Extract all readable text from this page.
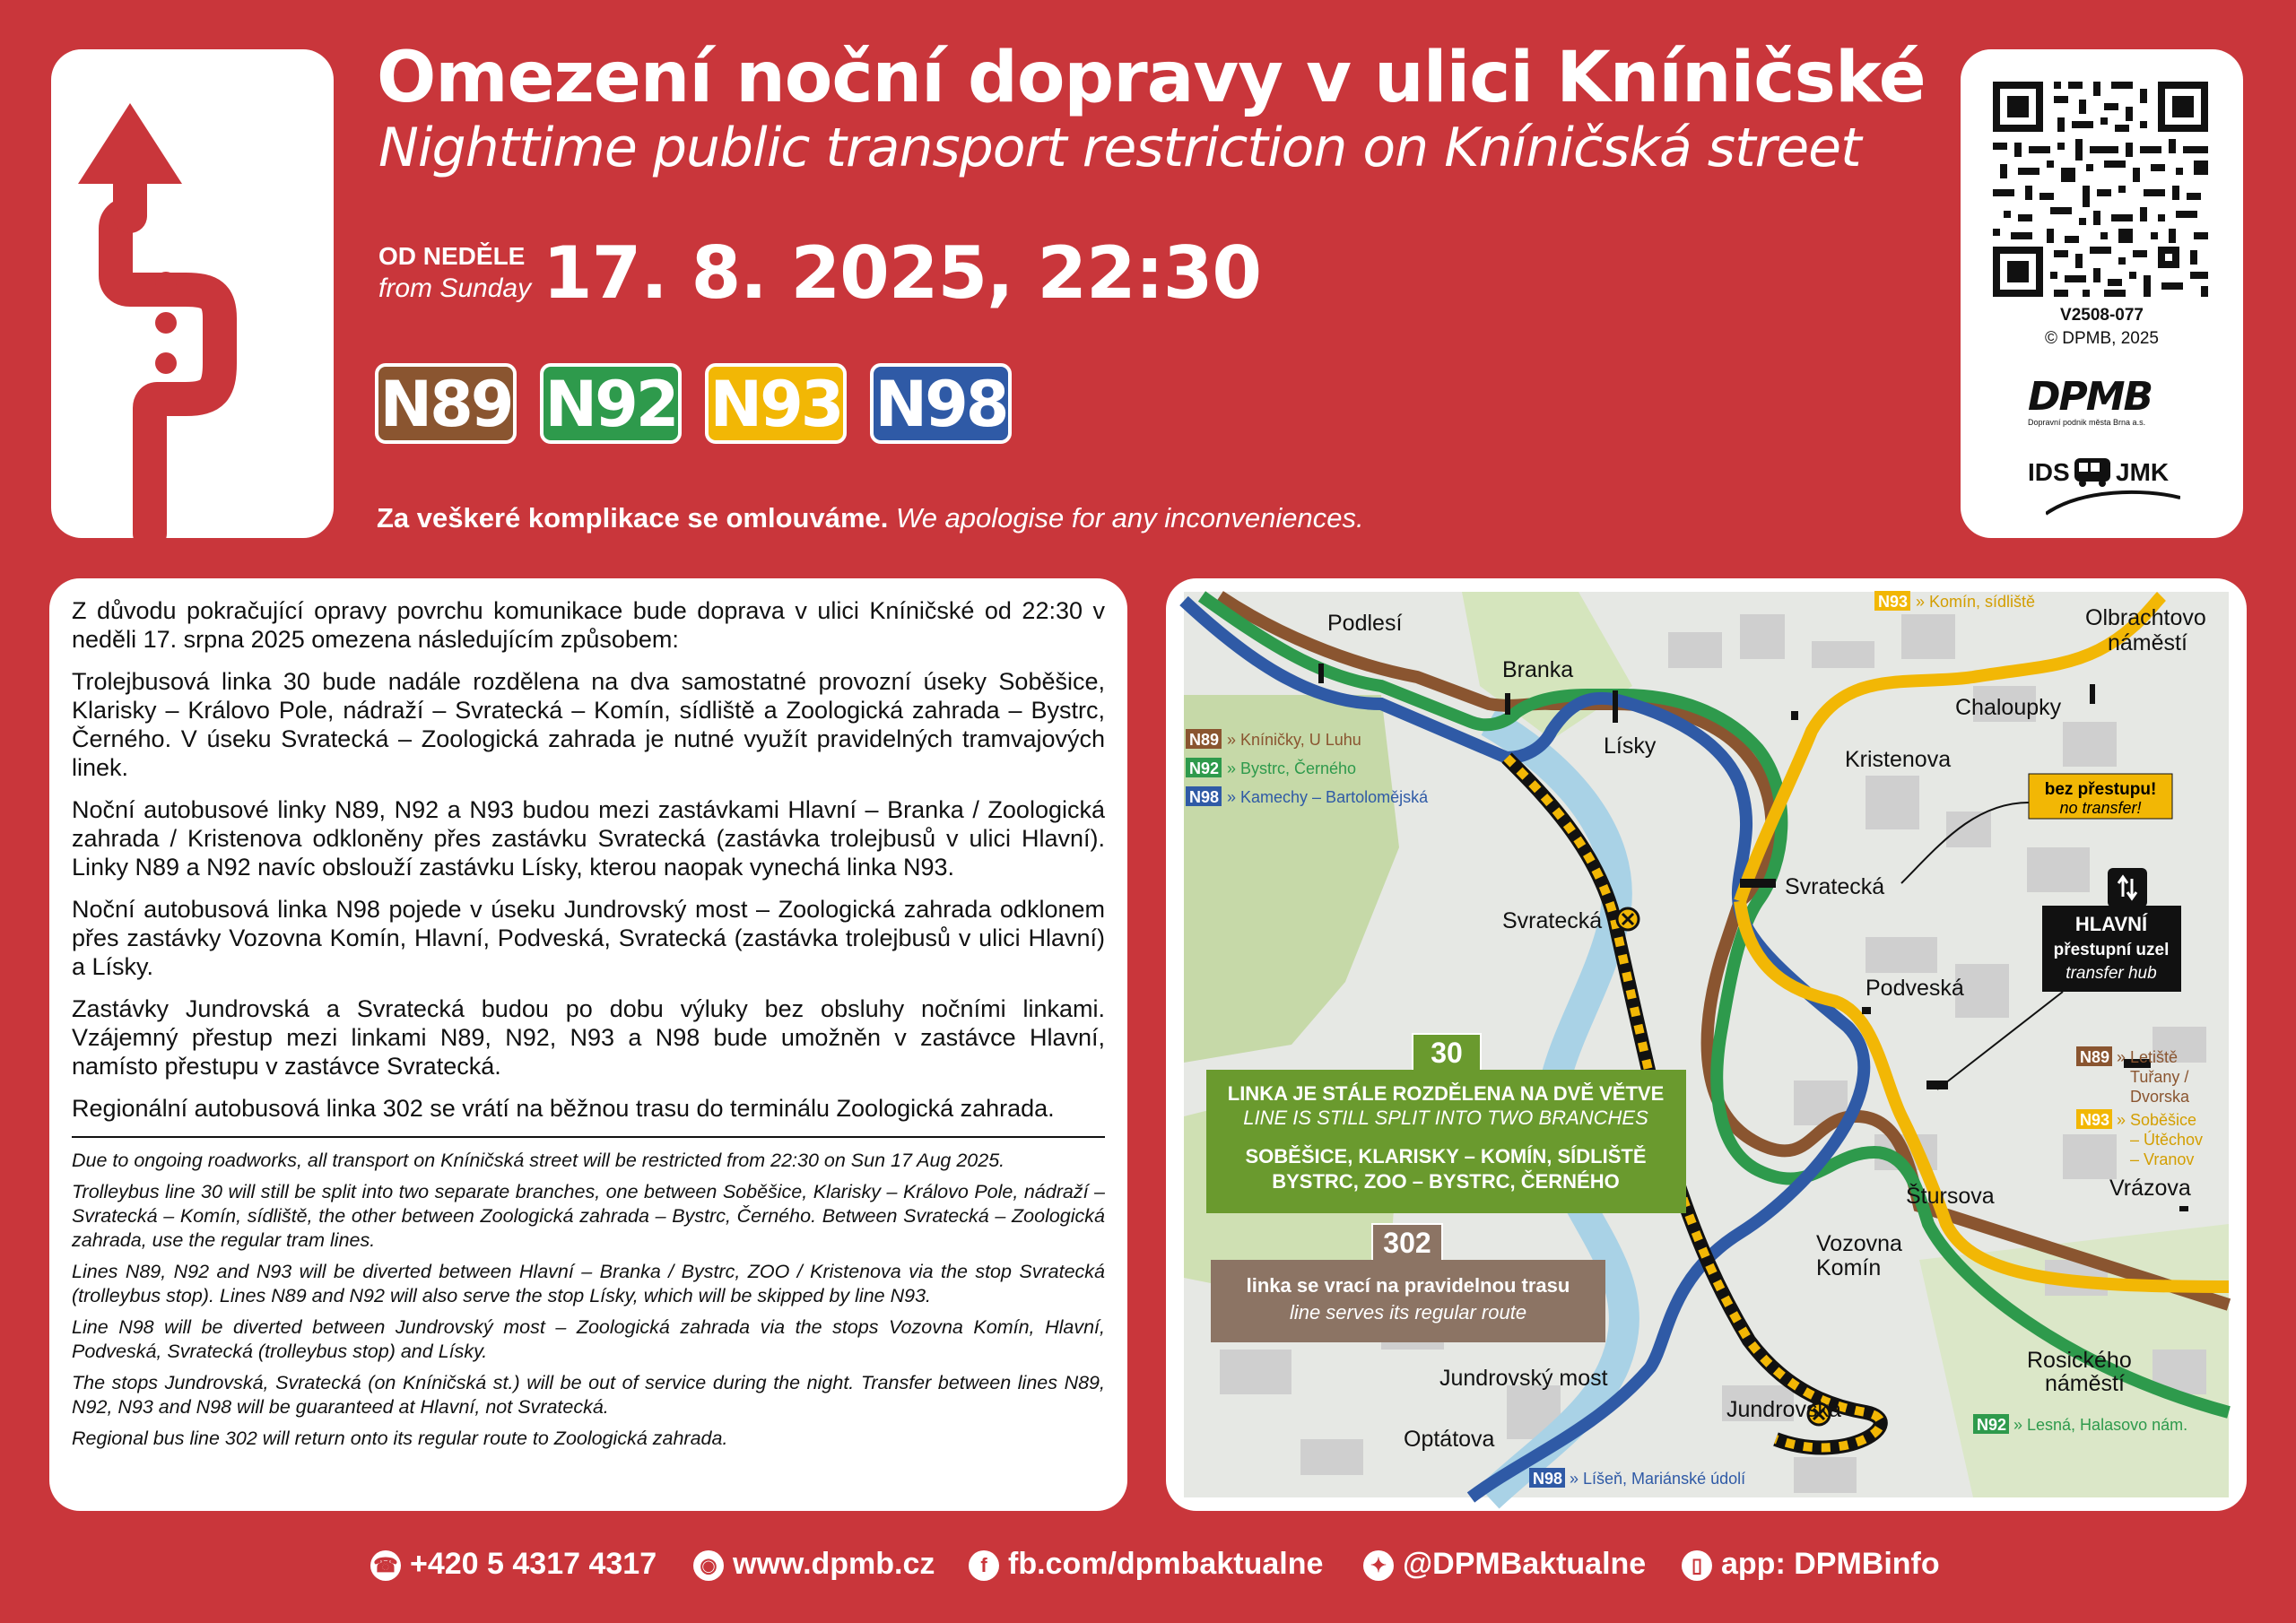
Omezení noční dopravy v ulici Kníničské
Nighttime public transport restriction on Kníničská street
OD NEDĚLE
from Sunday 17. 8. 2025, 22:30
N89 N92 N93 N98
Za veškeré komplikace se omlouváme. We apologise for any inconveniences.
V2508-077
© DPMB, 2025
DPMB
Dopravní podnik města Brna a.s.
IDS JMK

Z důvodu pokračující opravy povrchu komunikace bude doprava v ulici Kníničské od 22:30 v neděli 17. srpna 2025 omezena následujícím způsobem:

Trolejbusová linka 30 bude nadále rozdělena na dva samostatné provozní úseky Soběšice, Klarisky – Královo Pole, nádraží – Svratecká – Komín, sídliště a Zoologická zahrada – Bystrc, Černého. V úseku Svratecká – Zoologická zahrada je nutné využít pravidelných tramvajových linek.

Noční autobusové linky N89, N92 a N93 budou mezi zastávkami Hlavní – Branka / Zoologická zahrada / Kristenova odkloněny přes zastávku Svratecká (zastávka trolejbusů v ulici Hlavní). Linky N89 a N92 navíc obslouží zastávku Lísky, kterou naopak vynechá linka N93.

Noční autobusová linka N98 pojede v úseku Jundrovský most – Zoologická zahrada odklonem přes zastávky Vozovna Komín, Hlavní, Podveská, Svratecká (zastávka trolejbusů v ulici Hlavní) a Lísky.

Zastávky Jundrovská a Svratecká budou po dobu výluky bez obsluhy nočními linkami. Vzájemný přestup mezi linkami N89, N92, N93 a N98 bude umožněn v zastávce Hlavní, namísto přestupu v zastávce Svratecká.

Regionální autobusová linka 302 se vrátí na běžnou trasu do terminálu Zoologická zahrada.

Due to ongoing roadworks, all transport on Kníničská street will be restricted from 22:30 on Sun 17 Aug 2025.

Trolleybus line 30 will still be split into two separate branches, one between Soběšice, Klarisky – Královo Pole, nádraží – Svratecká – Komín, sídliště, the other between Zoologická zahrada – Bystrc, Černého. Between Svratecká – Zoologická zahrada, use the regular tram lines.

Lines N89, N92 and N93 will be diverted between Hlavní – Branka / Bystrc, ZOO / Kristenova via the stop Svratecká (trolleybus stop). Lines N89 and N92 will also serve the stop Lísky, which will be skipped by line N93.

Line N98 will be diverted between Jundrovský most – Zoologická zahrada via the stops Vozovna Komín, Hlavní, Podveská, Svratecká (trolleybus stop) and Lísky.

The stops Jundrovská, Svratecká (on Kníničská st.) will be out of service during the night. Transfer between lines N89, N92, N93 and N98 will be guaranteed at Hlavní, not Svratecká.

Regional bus line 302 will return onto its regular route to Zoologická zahrada.

Podlesí
Branka
Lísky
Kristenova
Chaloupky
Olbrachtovo
náměstí
Svratecká
Svratecká
Podveská
Štursova	Vrázova
Vozovna
Komín
Jundrovský most
Jundrovská
Optátova
Rosického
náměstí
N89 » Kníničky, U Luhu
N92 » Bystrc, Černého
N98 » Kamechy – Bartolomějská
N93 » Komín, sídliště
N89 » Letiště
Tuřany /
Dvorska
N93 » Soběšice
– Útěchov
– Vranov
N92 » Lesná, Halasovo nám.
N98 » Líšeň, Mariánské údolí
bez přestupu!
no transfer!
HLAVNÍ
přestupní uzel
transfer hub
30
LINKA JE STÁLE ROZDĚLENA NA DVĚ VĚTVE
LINE IS STILL SPLIT INTO TWO BRANCHES
SOBĚŠICE, KLARISKY – KOMÍN, SÍDLIŠTĚ
BYSTRC, ZOO – BYSTRC, ČERNÉHO
302
linka se vrací na pravidelnou trasu
line serves its regular route
☎ +420 5 4317 4317	◉ www.dpmb.cz	f fb.com/dpmbaktualne	✦ @DPMBaktualne	▯ app: DPMBinfo
